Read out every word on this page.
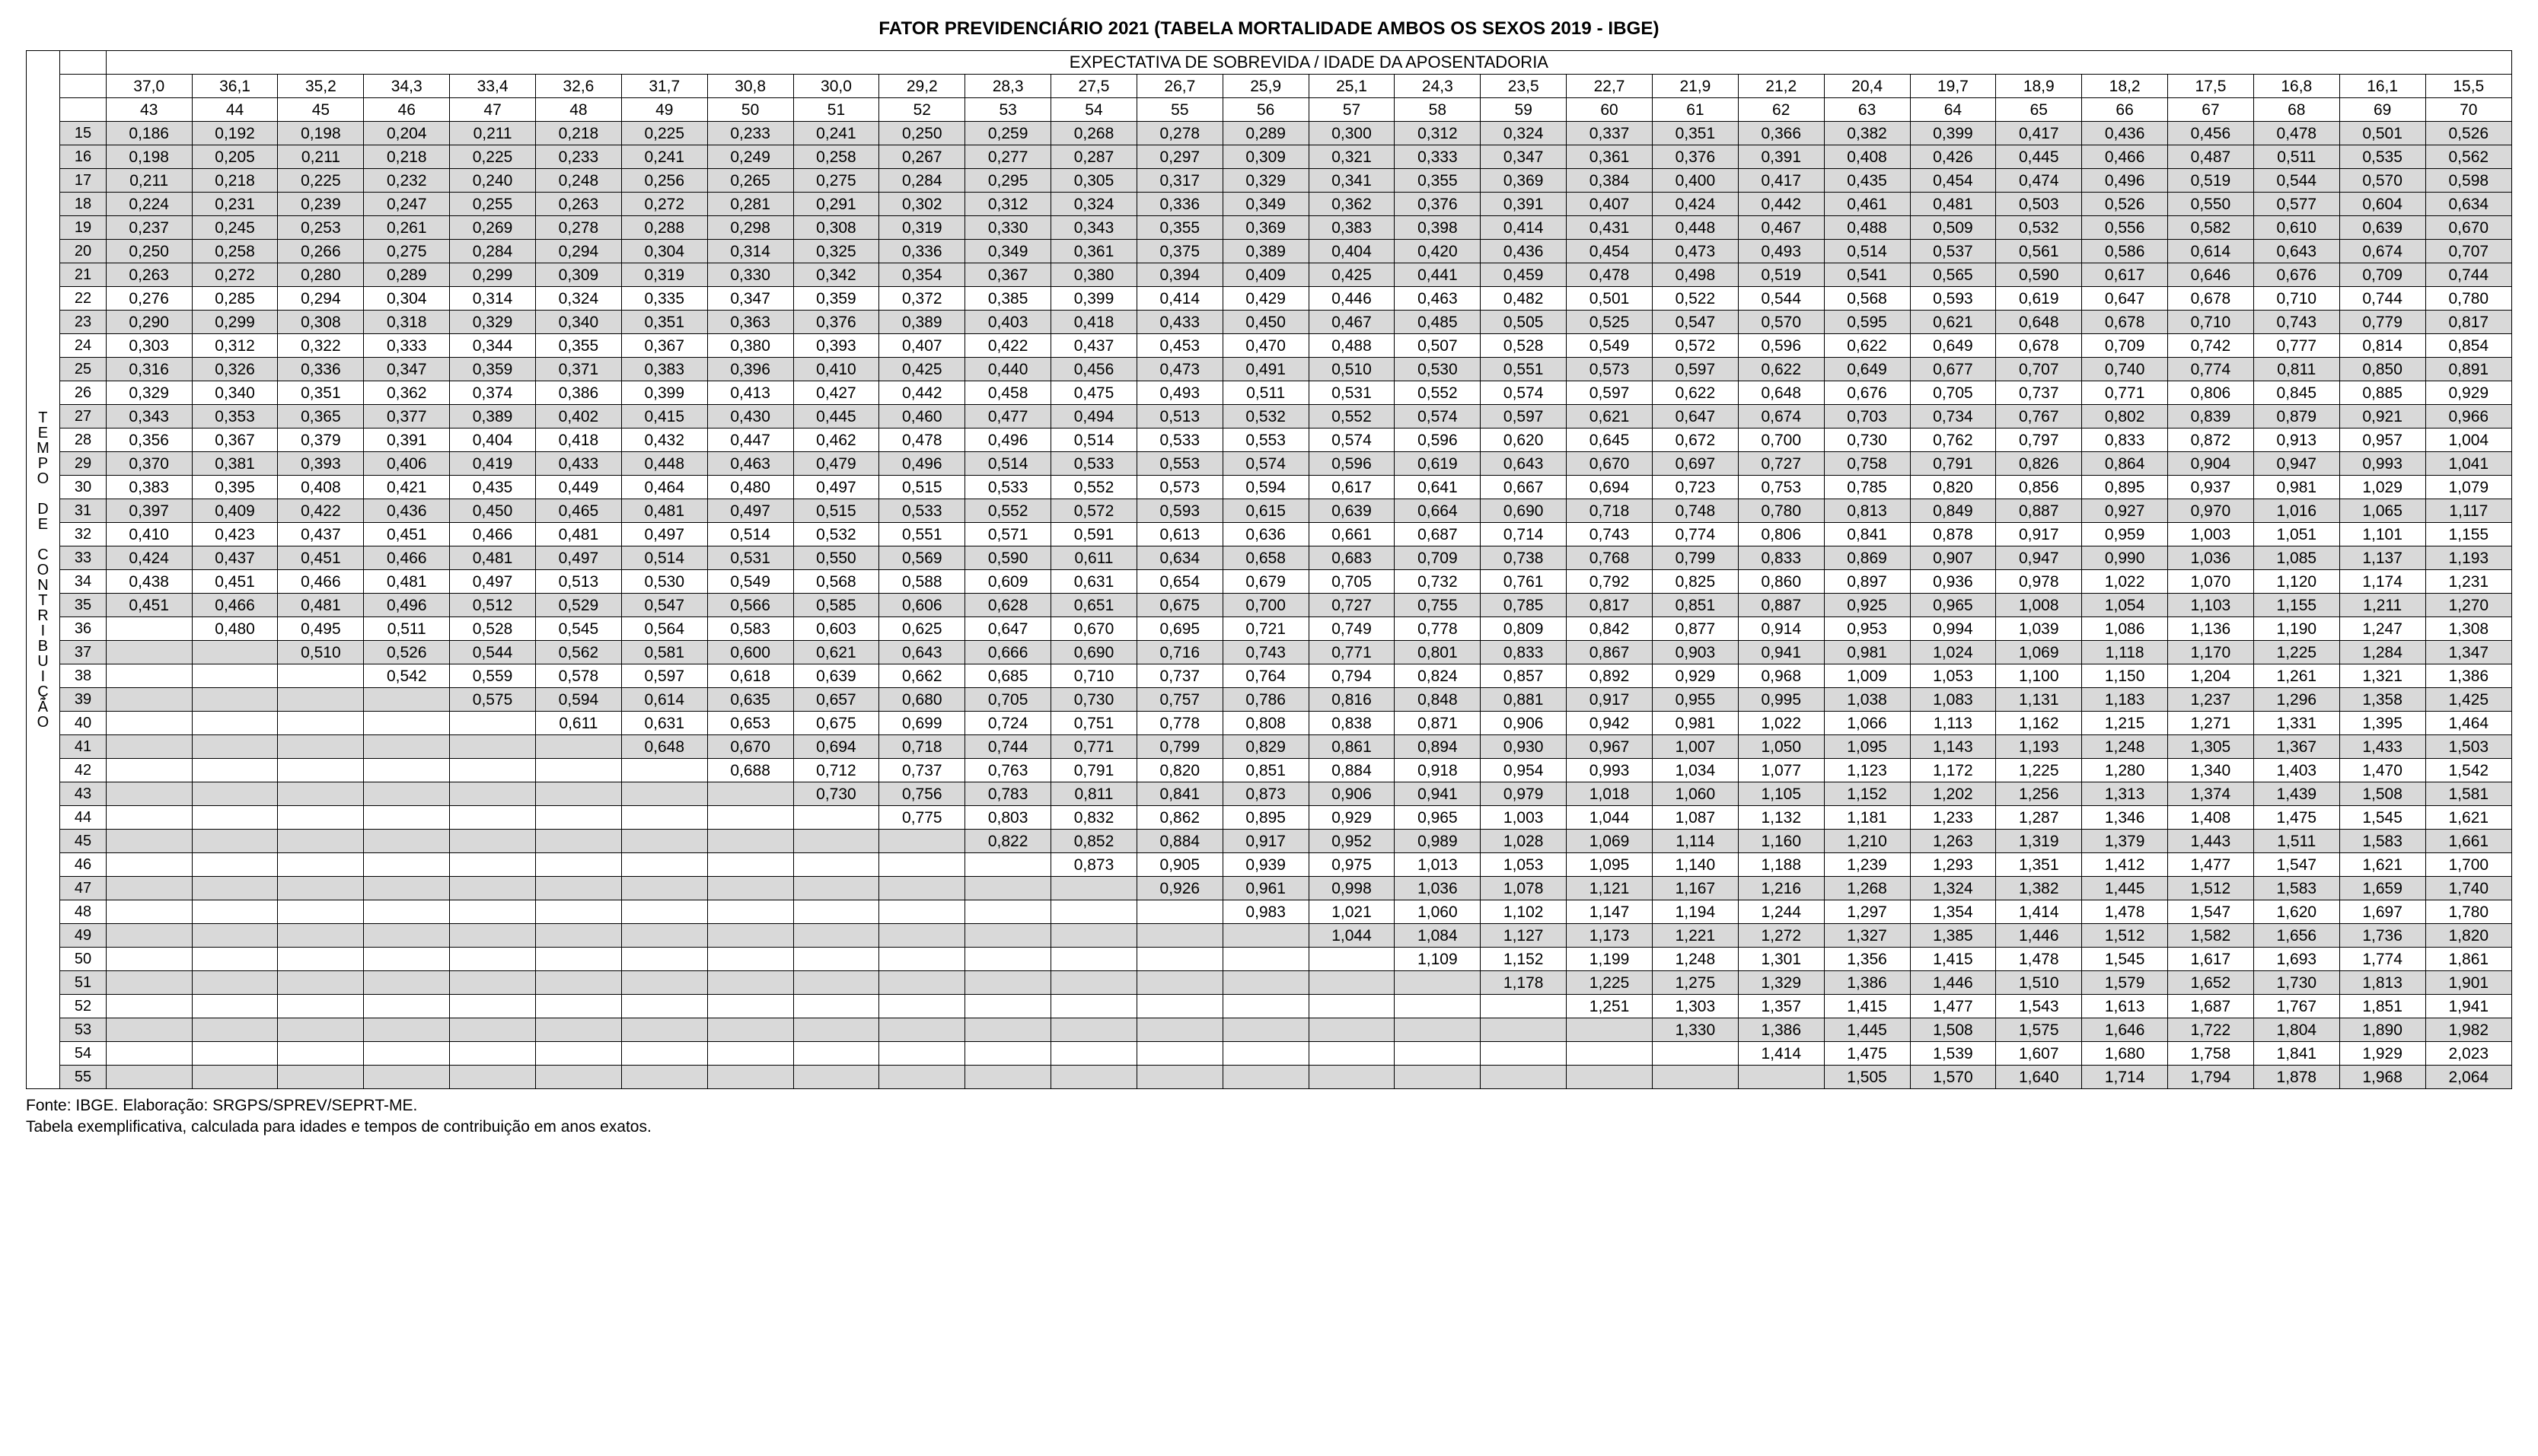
FATOR PREVIDENCIÁRIO 2021 (TABELA MORTALIDADE AMBOS OS SEXOS 2019 - IBGE)
T
E
M
P
O

D
E

C
O
N
T
R
I
B
U
I
Ç
Ã
O
		EXPECTATIVA DE SOBREVIDA / IDADE DA APOSENTADORIA
		37,0	36,1	35,2	34,3	33,4	32,6	31,7	30,8	30,0	29,2	28,3	27,5	26,7	25,9	25,1	24,3	23,5	22,7	21,9	21,2	20,4	19,7	18,9	18,2	17,5	16,8	16,1	15,5
		43	44	45	46	47	48	49	50	51	52	53	54	55	56	57	58	59	60	61	62	63	64	65	66	67	68	69	70
	15	0,186	0,192	0,198	0,204	0,211	0,218	0,225	0,233	0,241	0,250	0,259	0,268	0,278	0,289	0,300	0,312	0,324	0,337	0,351	0,366	0,382	0,399	0,417	0,436	0,456	0,478	0,501	0,526
	16	0,198	0,205	0,211	0,218	0,225	0,233	0,241	0,249	0,258	0,267	0,277	0,287	0,297	0,309	0,321	0,333	0,347	0,361	0,376	0,391	0,408	0,426	0,445	0,466	0,487	0,511	0,535	0,562
	17	0,211	0,218	0,225	0,232	0,240	0,248	0,256	0,265	0,275	0,284	0,295	0,305	0,317	0,329	0,341	0,355	0,369	0,384	0,400	0,417	0,435	0,454	0,474	0,496	0,519	0,544	0,570	0,598
	18	0,224	0,231	0,239	0,247	0,255	0,263	0,272	0,281	0,291	0,302	0,312	0,324	0,336	0,349	0,362	0,376	0,391	0,407	0,424	0,442	0,461	0,481	0,503	0,526	0,550	0,577	0,604	0,634
	19	0,237	0,245	0,253	0,261	0,269	0,278	0,288	0,298	0,308	0,319	0,330	0,343	0,355	0,369	0,383	0,398	0,414	0,431	0,448	0,467	0,488	0,509	0,532	0,556	0,582	0,610	0,639	0,670
	20	0,250	0,258	0,266	0,275	0,284	0,294	0,304	0,314	0,325	0,336	0,349	0,361	0,375	0,389	0,404	0,420	0,436	0,454	0,473	0,493	0,514	0,537	0,561	0,586	0,614	0,643	0,674	0,707
	21	0,263	0,272	0,280	0,289	0,299	0,309	0,319	0,330	0,342	0,354	0,367	0,380	0,394	0,409	0,425	0,441	0,459	0,478	0,498	0,519	0,541	0,565	0,590	0,617	0,646	0,676	0,709	0,744
	22	0,276	0,285	0,294	0,304	0,314	0,324	0,335	0,347	0,359	0,372	0,385	0,399	0,414	0,429	0,446	0,463	0,482	0,501	0,522	0,544	0,568	0,593	0,619	0,647	0,678	0,710	0,744	0,780
	23	0,290	0,299	0,308	0,318	0,329	0,340	0,351	0,363	0,376	0,389	0,403	0,418	0,433	0,450	0,467	0,485	0,505	0,525	0,547	0,570	0,595	0,621	0,648	0,678	0,710	0,743	0,779	0,817
	24	0,303	0,312	0,322	0,333	0,344	0,355	0,367	0,380	0,393	0,407	0,422	0,437	0,453	0,470	0,488	0,507	0,528	0,549	0,572	0,596	0,622	0,649	0,678	0,709	0,742	0,777	0,814	0,854
	25	0,316	0,326	0,336	0,347	0,359	0,371	0,383	0,396	0,410	0,425	0,440	0,456	0,473	0,491	0,510	0,530	0,551	0,573	0,597	0,622	0,649	0,677	0,707	0,740	0,774	0,811	0,850	0,891
	26	0,329	0,340	0,351	0,362	0,374	0,386	0,399	0,413	0,427	0,442	0,458	0,475	0,493	0,511	0,531	0,552	0,574	0,597	0,622	0,648	0,676	0,705	0,737	0,771	0,806	0,845	0,885	0,929
	27	0,343	0,353	0,365	0,377	0,389	0,402	0,415	0,430	0,445	0,460	0,477	0,494	0,513	0,532	0,552	0,574	0,597	0,621	0,647	0,674	0,703	0,734	0,767	0,802	0,839	0,879	0,921	0,966
	28	0,356	0,367	0,379	0,391	0,404	0,418	0,432	0,447	0,462	0,478	0,496	0,514	0,533	0,553	0,574	0,596	0,620	0,645	0,672	0,700	0,730	0,762	0,797	0,833	0,872	0,913	0,957	1,004
	29	0,370	0,381	0,393	0,406	0,419	0,433	0,448	0,463	0,479	0,496	0,514	0,533	0,553	0,574	0,596	0,619	0,643	0,670	0,697	0,727	0,758	0,791	0,826	0,864	0,904	0,947	0,993	1,041
	30	0,383	0,395	0,408	0,421	0,435	0,449	0,464	0,480	0,497	0,515	0,533	0,552	0,573	0,594	0,617	0,641	0,667	0,694	0,723	0,753	0,785	0,820	0,856	0,895	0,937	0,981	1,029	1,079
	31	0,397	0,409	0,422	0,436	0,450	0,465	0,481	0,497	0,515	0,533	0,552	0,572	0,593	0,615	0,639	0,664	0,690	0,718	0,748	0,780	0,813	0,849	0,887	0,927	0,970	1,016	1,065	1,117
	32	0,410	0,423	0,437	0,451	0,466	0,481	0,497	0,514	0,532	0,551	0,571	0,591	0,613	0,636	0,661	0,687	0,714	0,743	0,774	0,806	0,841	0,878	0,917	0,959	1,003	1,051	1,101	1,155
	33	0,424	0,437	0,451	0,466	0,481	0,497	0,514	0,531	0,550	0,569	0,590	0,611	0,634	0,658	0,683	0,709	0,738	0,768	0,799	0,833	0,869	0,907	0,947	0,990	1,036	1,085	1,137	1,193
	34	0,438	0,451	0,466	0,481	0,497	0,513	0,530	0,549	0,568	0,588	0,609	0,631	0,654	0,679	0,705	0,732	0,761	0,792	0,825	0,860	0,897	0,936	0,978	1,022	1,070	1,120	1,174	1,231
	35	0,451	0,466	0,481	0,496	0,512	0,529	0,547	0,566	0,585	0,606	0,628	0,651	0,675	0,700	0,727	0,755	0,785	0,817	0,851	0,887	0,925	0,965	1,008	1,054	1,103	1,155	1,211	1,270
	36		0,480	0,495	0,511	0,528	0,545	0,564	0,583	0,603	0,625	0,647	0,670	0,695	0,721	0,749	0,778	0,809	0,842	0,877	0,914	0,953	0,994	1,039	1,086	1,136	1,190	1,247	1,308
	37			0,510	0,526	0,544	0,562	0,581	0,600	0,621	0,643	0,666	0,690	0,716	0,743	0,771	0,801	0,833	0,867	0,903	0,941	0,981	1,024	1,069	1,118	1,170	1,225	1,284	1,347
	38				0,542	0,559	0,578	0,597	0,618	0,639	0,662	0,685	0,710	0,737	0,764	0,794	0,824	0,857	0,892	0,929	0,968	1,009	1,053	1,100	1,150	1,204	1,261	1,321	1,386
	39					0,575	0,594	0,614	0,635	0,657	0,680	0,705	0,730	0,757	0,786	0,816	0,848	0,881	0,917	0,955	0,995	1,038	1,083	1,131	1,183	1,237	1,296	1,358	1,425
	40						0,611	0,631	0,653	0,675	0,699	0,724	0,751	0,778	0,808	0,838	0,871	0,906	0,942	0,981	1,022	1,066	1,113	1,162	1,215	1,271	1,331	1,395	1,464
	41							0,648	0,670	0,694	0,718	0,744	0,771	0,799	0,829	0,861	0,894	0,930	0,967	1,007	1,050	1,095	1,143	1,193	1,248	1,305	1,367	1,433	1,503
	42								0,688	0,712	0,737	0,763	0,791	0,820	0,851	0,884	0,918	0,954	0,993	1,034	1,077	1,123	1,172	1,225	1,280	1,340	1,403	1,470	1,542
	43									0,730	0,756	0,783	0,811	0,841	0,873	0,906	0,941	0,979	1,018	1,060	1,105	1,152	1,202	1,256	1,313	1,374	1,439	1,508	1,581
	44										0,775	0,803	0,832	0,862	0,895	0,929	0,965	1,003	1,044	1,087	1,132	1,181	1,233	1,287	1,346	1,408	1,475	1,545	1,621
	45											0,822	0,852	0,884	0,917	0,952	0,989	1,028	1,069	1,114	1,160	1,210	1,263	1,319	1,379	1,443	1,511	1,583	1,661
	46												0,873	0,905	0,939	0,975	1,013	1,053	1,095	1,140	1,188	1,239	1,293	1,351	1,412	1,477	1,547	1,621	1,700
	47													0,926	0,961	0,998	1,036	1,078	1,121	1,167	1,216	1,268	1,324	1,382	1,445	1,512	1,583	1,659	1,740
	48														0,983	1,021	1,060	1,102	1,147	1,194	1,244	1,297	1,354	1,414	1,478	1,547	1,620	1,697	1,780
	49															1,044	1,084	1,127	1,173	1,221	1,272	1,327	1,385	1,446	1,512	1,582	1,656	1,736	1,820
	50																1,109	1,152	1,199	1,248	1,301	1,356	1,415	1,478	1,545	1,617	1,693	1,774	1,861
	51																	1,178	1,225	1,275	1,329	1,386	1,446	1,510	1,579	1,652	1,730	1,813	1,901
	52																		1,251	1,303	1,357	1,415	1,477	1,543	1,613	1,687	1,767	1,851	1,941
	53																			1,330	1,386	1,445	1,508	1,575	1,646	1,722	1,804	1,890	1,982
	54																				1,414	1,475	1,539	1,607	1,680	1,758	1,841	1,929	2,023
	55																					1,505	1,570	1,640	1,714	1,794	1,878	1,968	2,064
Fonte: IBGE. Elaboração: SRGPS/SPREV/SEPRT-ME.
Tabela exemplificativa, calculada para idades e tempos de contribuição em anos exatos.
